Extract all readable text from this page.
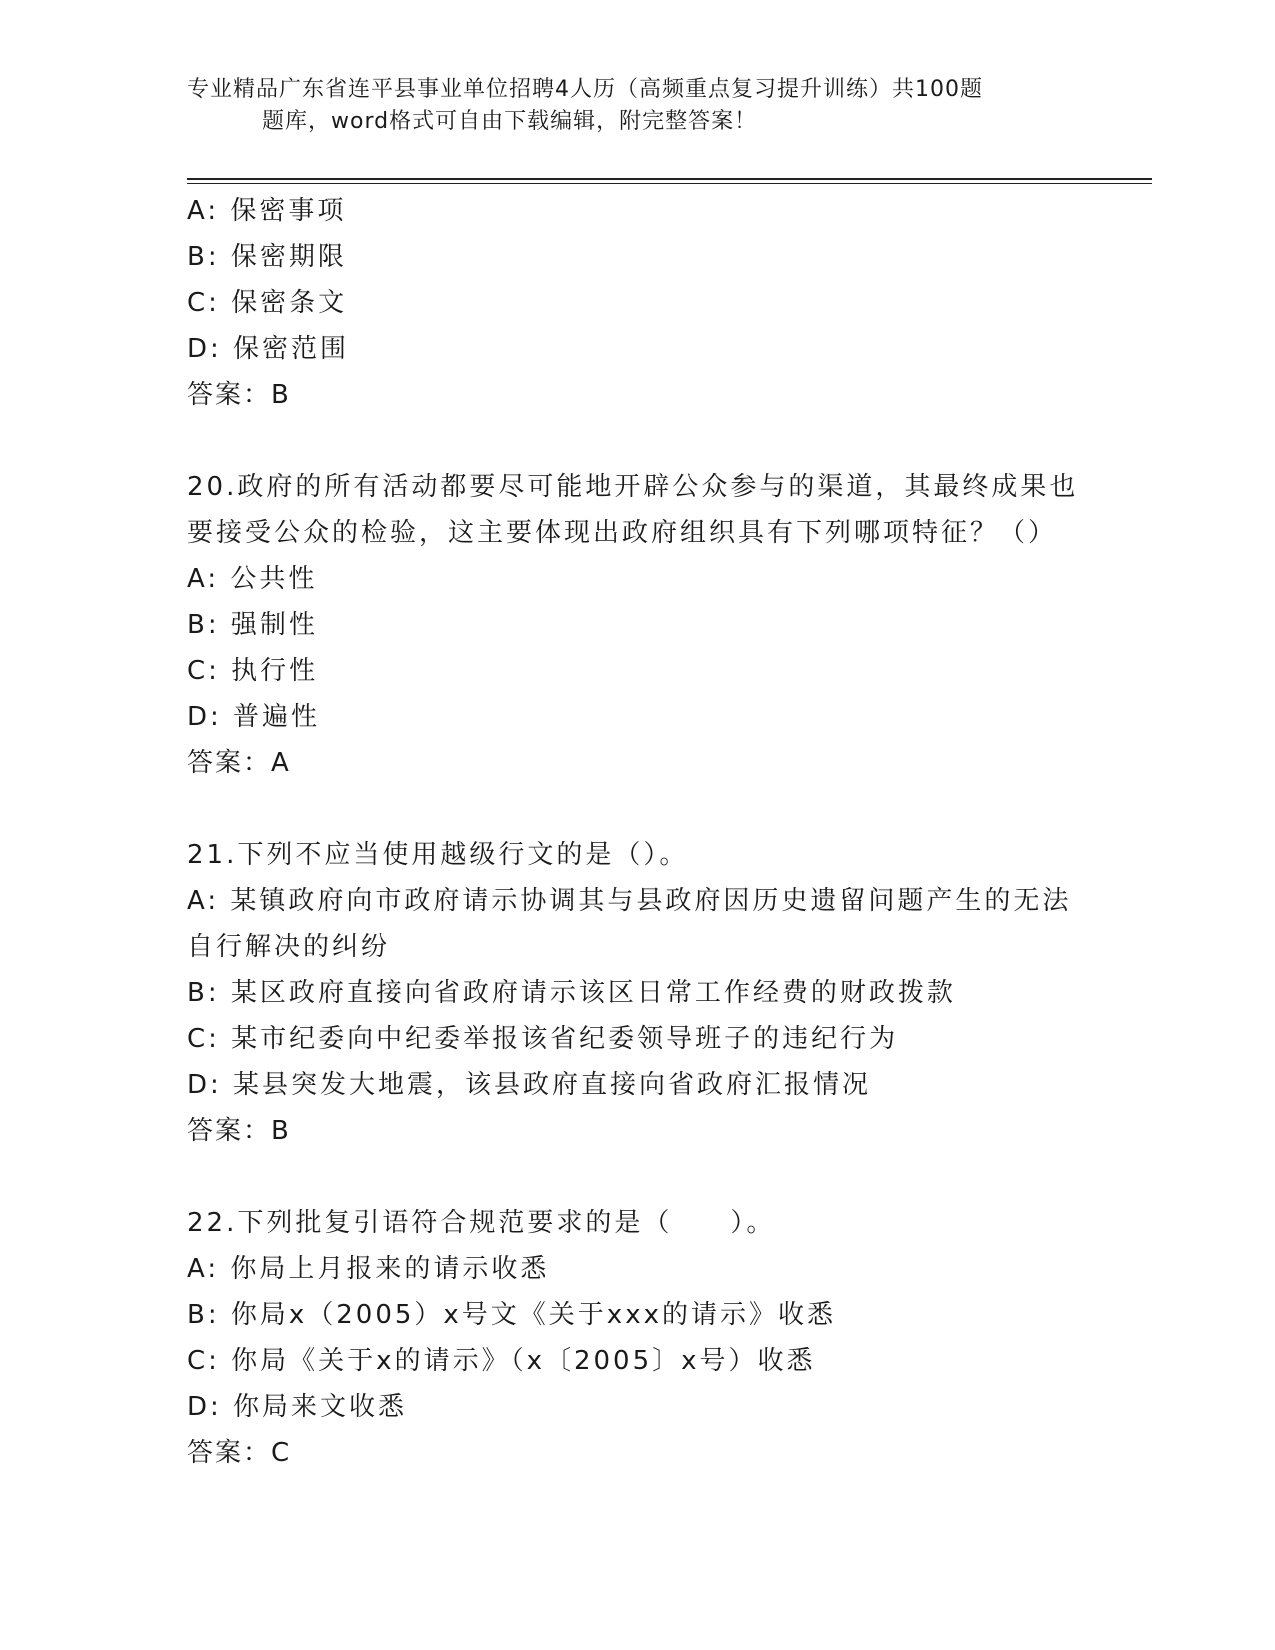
专业精品广东省连平县事业单位招聘4人历（高频重点复习提升训练）共100题
题库，word格式可自由下载编辑，附完整答案！
A: 保密事项
B: 保密期限
C: 保密条文
D: 保密范围
答案：B
20.政府的所有活动都要尽可能地开辟公众参与的渠道，其最终成果也
要接受公众的检验，这主要体现出政府组织具有下列哪项特征？（）
A: 公共性
B: 强制性
C: 执行性
D: 普遍性
答案：A
21.下列不应当使用越级行文的是（）。
A: 某镇政府向市政府请示协调其与县政府因历史遗留问题产生的无法
自行解决的纠纷
B: 某区政府直接向省政府请示该区日常工作经费的财政拨款
C: 某市纪委向中纪委举报该省纪委领导班子的违纪行为
D: 某县突发大地震，该县政府直接向省政府汇报情况
答案：B
22.下列批复引语符合规范要求的是（　　）。
A: 你局上月报来的请示收悉
B: 你局x（2005）x号文《关于xxx的请示》收悉
C: 你局《关于x的请示》（x〔2005〕x号）收悉
D: 你局来文收悉
答案：C
